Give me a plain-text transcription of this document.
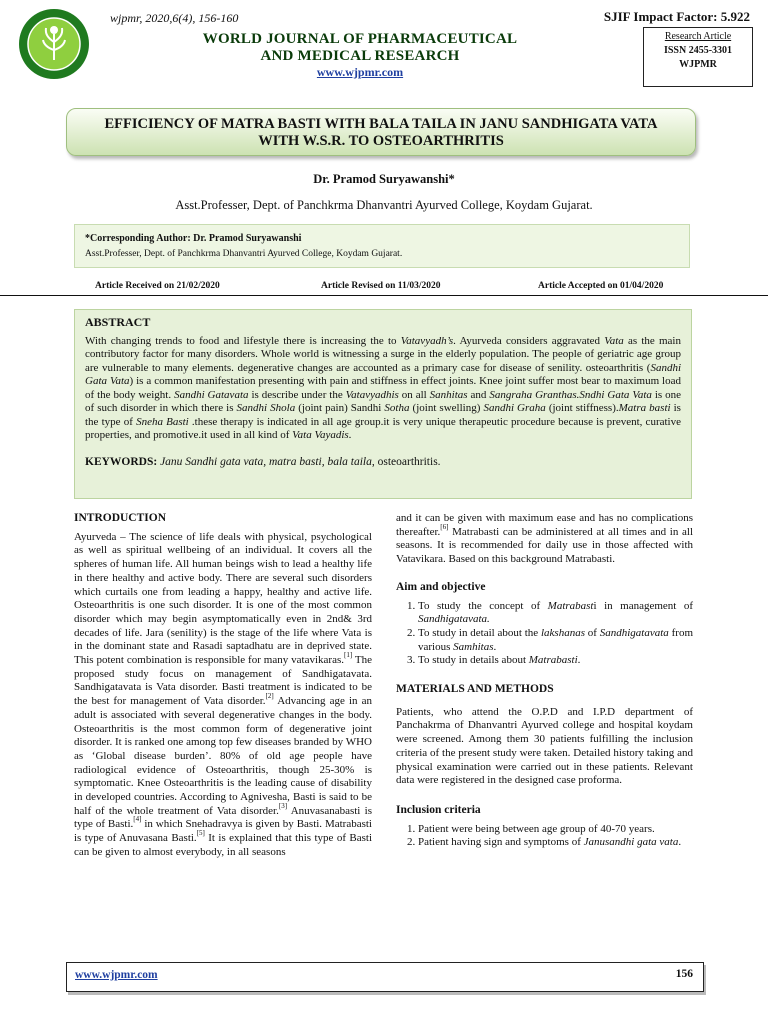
wjpmr, 2020,6(4), 156-160	SJIF Impact Factor: 5.922
WORLD JOURNAL OF PHARMACEUTICAL
AND MEDICAL RESEARCH
www.wjpmr.com
Research Article
ISSN 2455-3301
WJPMR
EFFICIENCY OF MATRA BASTI WITH BALA TAILA IN JANU SANDHIGATA VATA
WITH W.S.R. TO OSTEOARTHRITIS
Dr. Pramod Suryawanshi*
Asst.Professer, Dept. of Panchkrma Dhanvantri Ayurved College, Koydam Gujarat.
*Corresponding Author: Dr. Pramod Suryawanshi
Asst.Professer, Dept. of Panchkrma Dhanvantri Ayurved College, Koydam Gujarat.
Article Received on 21/02/2020	Article Revised on 11/03/2020	Article Accepted on 01/04/2020
ABSTRACT

With changing trends to food and lifestyle there is increasing the to Vatavyadh’s. Ayurveda considers aggravated Vata as the main contributory factor for many disorders. Whole world is witnessing a surge in the elderly population. The people of geriatric age group are vulnerable to many elements. degenerative changes are accounted as a primary case for disease of senility. osteoarthritis (Sandhi Gata Vata) is a common manifestation presenting with pain and stiffness in effect joints. Knee joint suffer most bear to maximum load of the body weight. Sandhi Gatavata is describe under the Vatavyadhis on all Sanhitas and Sangraha Granthas.Sndhi Gata Vata is one of such disorder in which there is Sandhi Shola (joint pain) Sandhi Sotha (joint swelling) Sandhi Graha (joint stiffness).Matra basti is the type of Sneha Basti .these therapy is indicated in all age group.it is very unique therapeutic procedure because is prevent, curative properties, and promotive.it used in all kind of Vata Vayadis.

KEYWORDS: Janu Sandhi gata vata, matra basti, bala taila, osteoarthritis.
INTRODUCTION

Ayurveda – The science of life deals with physical, psychological as well as spiritual wellbeing of an individual. It covers all the spheres of human life. All human beings wish to lead a healthy life in there healthy and active body. There are several such disorders which curtails one from leading a happy, healthy and active life. Osteoarthritis is one such disorder. It is one of the most common disorder which may begin asymptomatically even in 2nd& 3rd decades of life. Jara (senility) is the stage of the life where Vata is in the dominant state and Rasadi saptadhatu are in deprived state. This potent combination is responsible for many vatavikaras.[1] The proposed study focus on management of Sandhigatavata. Sandhigatavata is Vata disorder. Basti treatment is indicated to be the best for management of Vata disorder.[2] Advancing age in an adult is associated with several degenerative changes in the body. Osteoarthritis is the most common form of degenerative joint disorder. It is ranked one among top few diseases branded by WHO as ‘Global disease burden’. 80% of old age people have radiological evidence of Osteoarthritis, though 25-30% is symptomatic. Knee Osteoarthritis is the leading cause of disability in developed countries. According to Agnivesha, Basti is said to be half of the whole treatment of Vata disorder.[3] Anuvasanabasti is type of Basti.[4] in which Snehadravya is given by Basti. Matrabasti is type of Anuvasana Basti.[5] It is explained that this type of Basti can be given to almost everybody, in all seasons

and it can be given with maximum ease and has no complications thereafter.[6] Matrabasti can be administered at all times and in all seasons. It is recommended for daily use in those affected with Vatavikara. Based on this background Matrabasti.

Aim and objective
1. To study the concept of Matrabasti in management of Sandhigatavata.
2. To study in detail about the lakshanas of Sandhigatavata from various Samhitas.
3. To study in details about Matrabasti.
MATERIALS AND METHODS

Patients, who attend the O.P.D and I.P.D department of Panchakrma of Dhanvantri Ayurved college and hospital koydam were screened. Among them 30 patients fulfilling the inclusion criteria of the present study were taken. Detailed history taking and physical examination were carried out in these patients. Relevant data were registered in the designed case proforma.

Inclusion criteria
1. Patient were being between age group of 40-70 years.
2. Patient having sign and symptoms of Janusandhi gata vata.
www.wjpmr.com	156
